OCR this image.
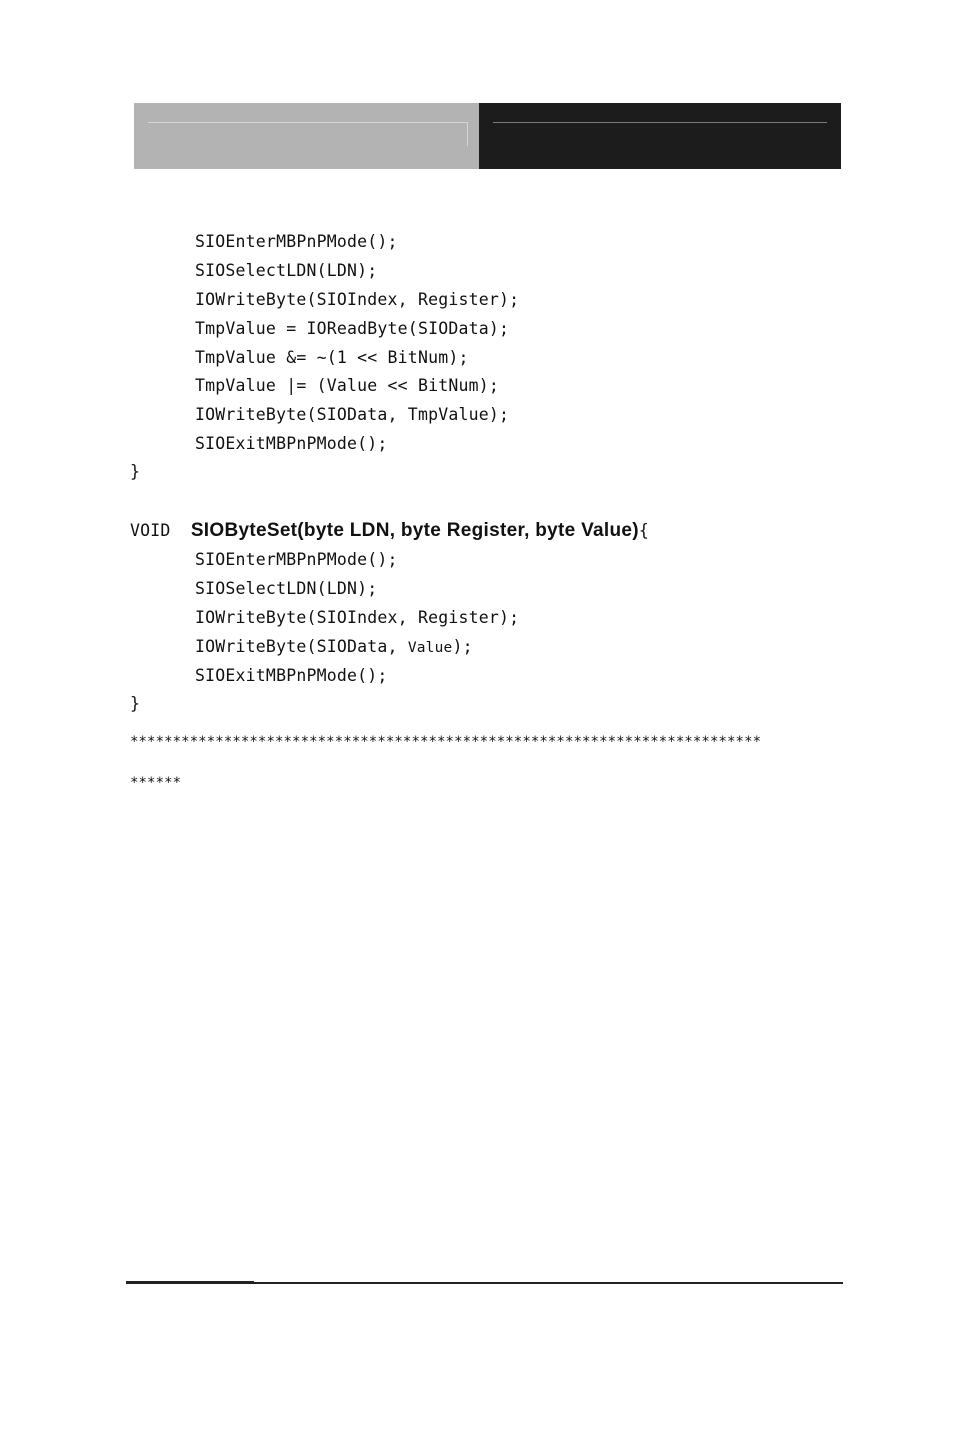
SIOEnterMBPnPMode();
SIOSelectLDN(LDN);
IOWriteByte(SIOIndex, Register);
TmpValue = IOReadByte(SIOData);
TmpValue &= ~(1 << BitNum);
TmpValue |= (Value << BitNum);
IOWriteByte(SIOData, TmpValue);
SIOExitMBPnPMode();
}
VOID SIOByteSet(byte LDN, byte Register, byte Value){
SIOEnterMBPnPMode();
SIOSelectLDN(LDN);
IOWriteByte(SIOIndex, Register);
IOWriteByte(SIOData, Value);
SIOExitMBPnPMode();
}
**************************************************************************
******
